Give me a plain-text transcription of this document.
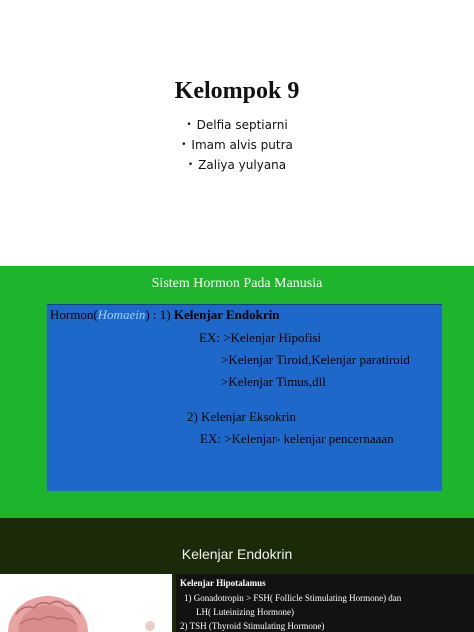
Kelompok 9
• Delfia septiarni
• Imam alvis putra
• Zaliya yulyana
Sistem Hormon Pada Manusia
Hormon(Homaein) : 1) Kelenjar Endokrin
EX: >Kelenjar Hipofisi
>Kelenjar Tiroid,Kelenjar paratiroid
>Kelenjar Timus,dll
2) Kelenjar Eksokrin
EX: >Kelenjar- kelenjar pencernaaan
Kelenjar Endokrin
Kelenjar Hipotalamus
1) Gonadotropin > FSH( Follicle Stimulating Hormone) dan
LH( Luteinizing Hormone)
2) TSH (Thyroid Stimulating Hormone)
